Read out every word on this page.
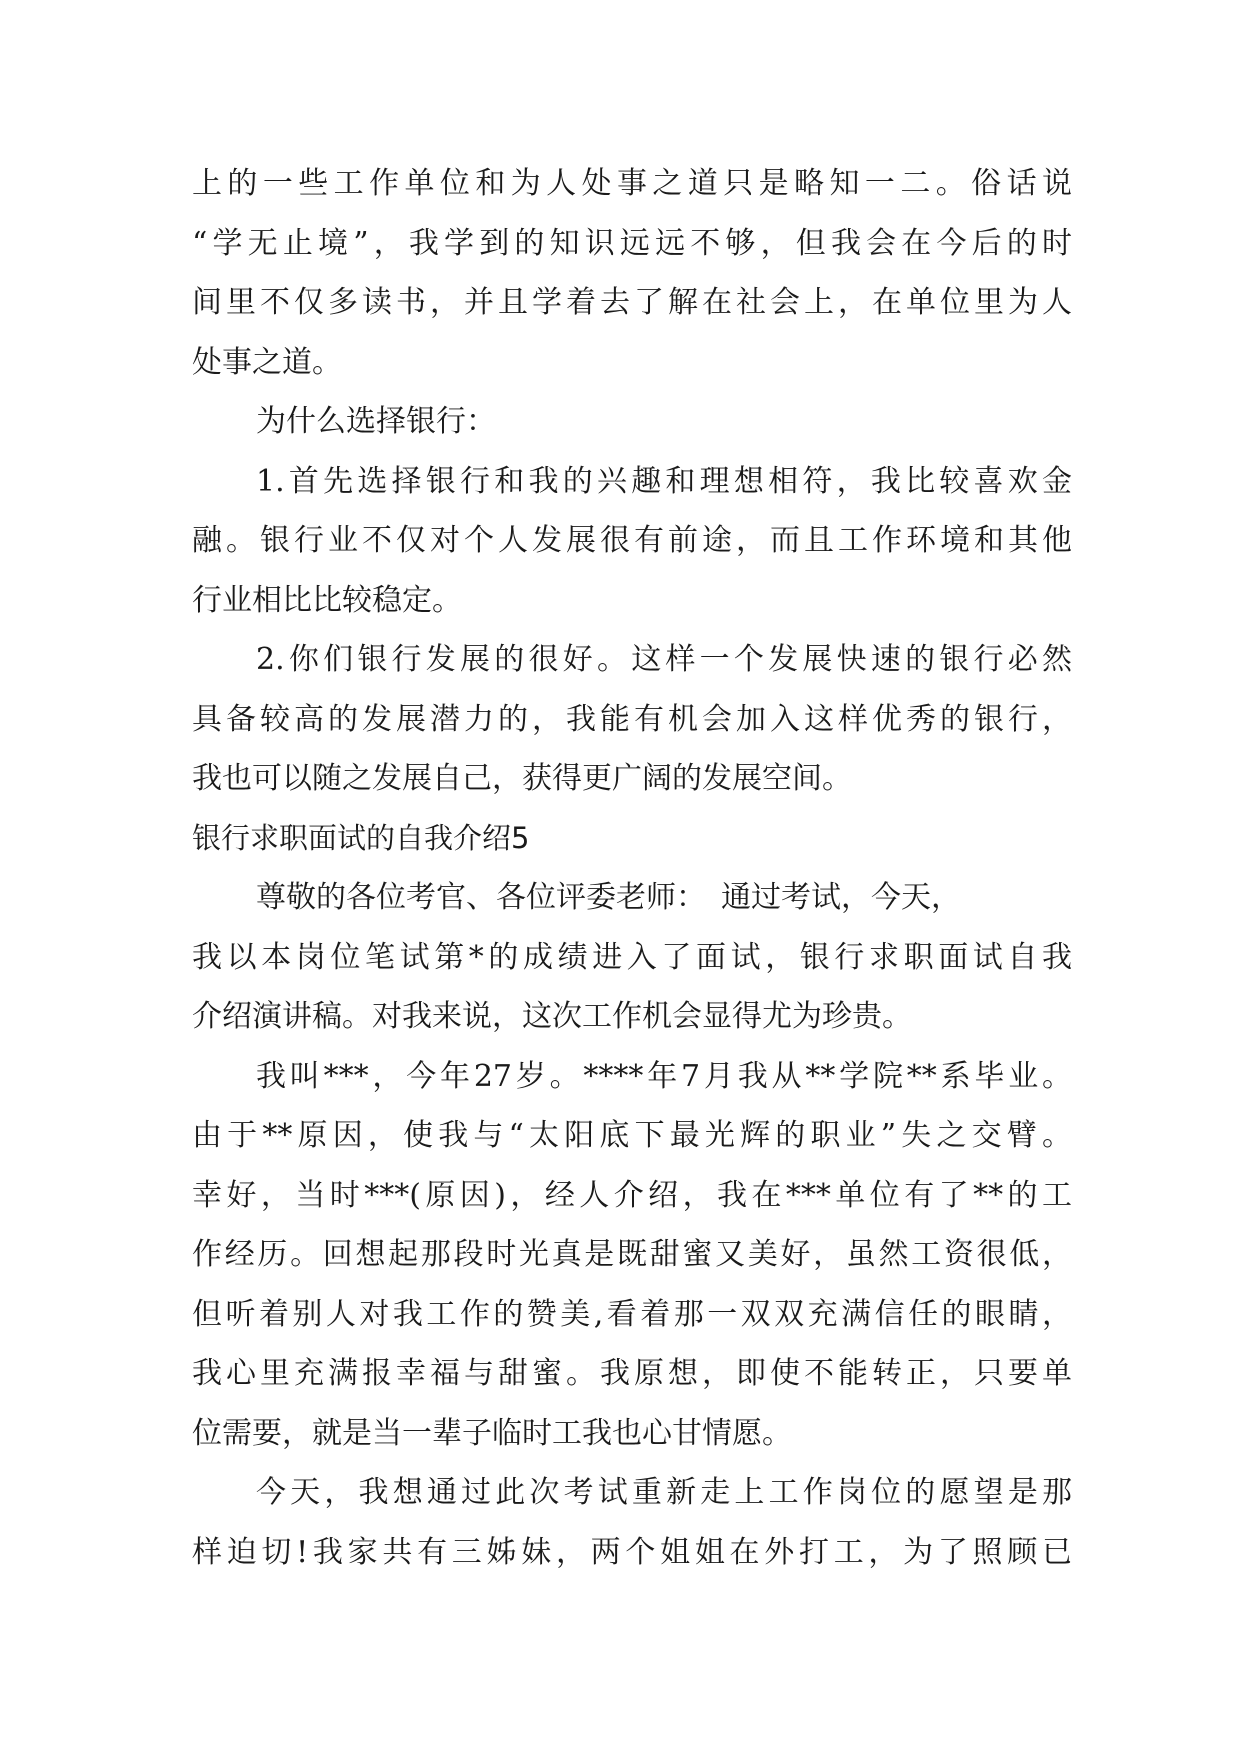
上的一些工作单位和为人处事之道只是略知一二。俗话说
“学无止境”，我学到的知识远远不够，但我会在今后的时
间里不仅多读书，并且学着去了解在社会上，在单位里为人
处事之道。
为什么选择银行：
1.首先选择银行和我的兴趣和理想相符，我比较喜欢金
融。银行业不仅对个人发展很有前途，而且工作环境和其他
行业相比比较稳定。
2.你们银行发展的很好。这样一个发展快速的银行必然
具备较高的发展潜力的，我能有机会加入这样优秀的银行，
我也可以随之发展自己，获得更广阔的发展空间。
银行求职面试的自我介绍5
尊敬的各位考官、各位评委老师：　通过考试，今天，
我以本岗位笔试第*的成绩进入了面试，银行求职面试自我
介绍演讲稿。对我来说，这次工作机会显得尤为珍贵。
我叫***，今年27岁。****年7月我从**学院**系毕业。
由于**原因，使我与“太阳底下最光辉的职业”失之交臂。
幸好，当时***(原因)，经人介绍，我在***单位有了**的工
作经历。回想起那段时光真是既甜蜜又美好，虽然工资很低，
但听着别人对我工作的赞美,看着那一双双充满信任的眼睛，
我心里充满报幸福与甜蜜。我原想，即使不能转正，只要单
位需要，就是当一辈子临时工我也心甘情愿。
今天，我想通过此次考试重新走上工作岗位的愿望是那
样迫切!我家共有三姊妹，两个姐姐在外打工，为了照顾已
